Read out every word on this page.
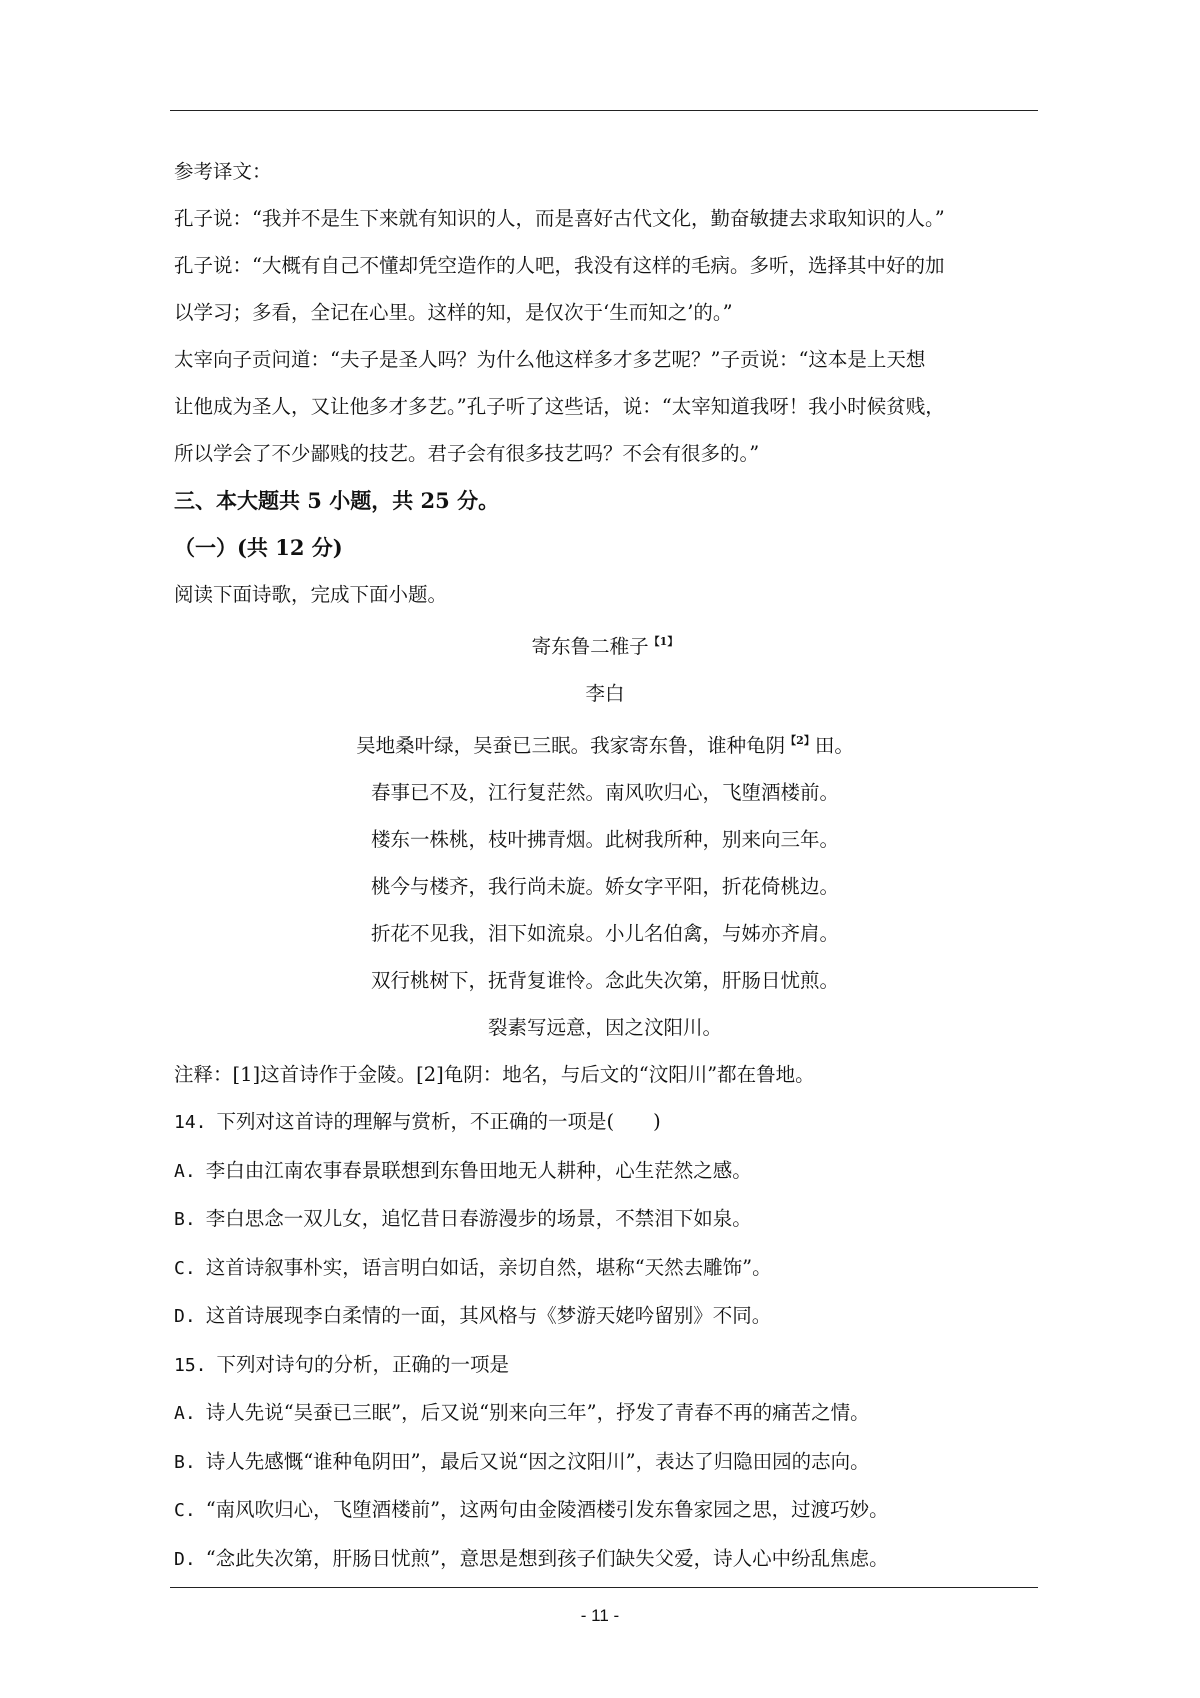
参考译文：
孔子说：“我并不是生下来就有知识的人，而是喜好古代文化，勤奋敏捷去求取知识的人。”
孔子说：“大概有自己不懂却凭空造作的人吧，我没有这样的毛病。多听，选择其中好的加
以学习；多看，全记在心里。这样的知，是仅次于‘生而知之’的。”
太宰向子贡问道：“夫子是圣人吗？为什么他这样多才多艺呢？”子贡说：“这本是上天想
让他成为圣人，又让他多才多艺。”孔子听了这些话，说：“太宰知道我呀！我小时候贫贱，
所以学会了不少鄙贱的技艺。君子会有很多技艺吗？不会有很多的。”
三、本大题共 5 小题，共 25 分。
（一）(共 12 分)
阅读下面诗歌，完成下面小题。
寄东鲁二稚子$^{【1】}$
李白
吴地桑叶绿，吴蚕已三眠。我家寄东鲁，谁种龟阴$^{【2】}$田。
春事已不及，江行复茫然。南风吹归心，飞堕酒楼前。
楼东一株桃，枝叶拂青烟。此树我所种，别来向三年。
桃今与楼齐，我行尚未旋。娇女字平阳，折花倚桃边。
折花不见我，泪下如流泉。小儿名伯禽，与姊亦齐肩。
双行桃树下，抚背复谁怜。念此失次第，肝肠日忧煎。
裂素写远意，因之汶阳川。
注释：[1]这首诗作于金陵。[2]龟阴：地名，与后文的“汶阳川”都在鲁地。
14. 下列对这首诗的理解与赏析，不正确的一项是(　　)
A. 李白由江南农事春景联想到东鲁田地无人耕种，心生茫然之感。
B. 李白思念一双儿女，追忆昔日春游漫步的场景，不禁泪下如泉。
C. 这首诗叙事朴实，语言明白如话，亲切自然，堪称“天然去雕饰”。
D. 这首诗展现李白柔情的一面，其风格与《梦游天姥吟留别》不同。
15. 下列对诗句的分析，正确的一项是
A. 诗人先说“吴蚕已三眠”，后又说“别来向三年”，抒发了青春不再的痛苦之情。
B. 诗人先感慨“谁种龟阴田”，最后又说“因之汶阳川”，表达了归隐田园的志向。
C. “南风吹归心，飞堕酒楼前”，这两句由金陵酒楼引发东鲁家园之思，过渡巧妙。
D. “念此失次第，肝肠日忧煎”，意思是想到孩子们缺失父爱，诗人心中纷乱焦虑。
- 11 -
